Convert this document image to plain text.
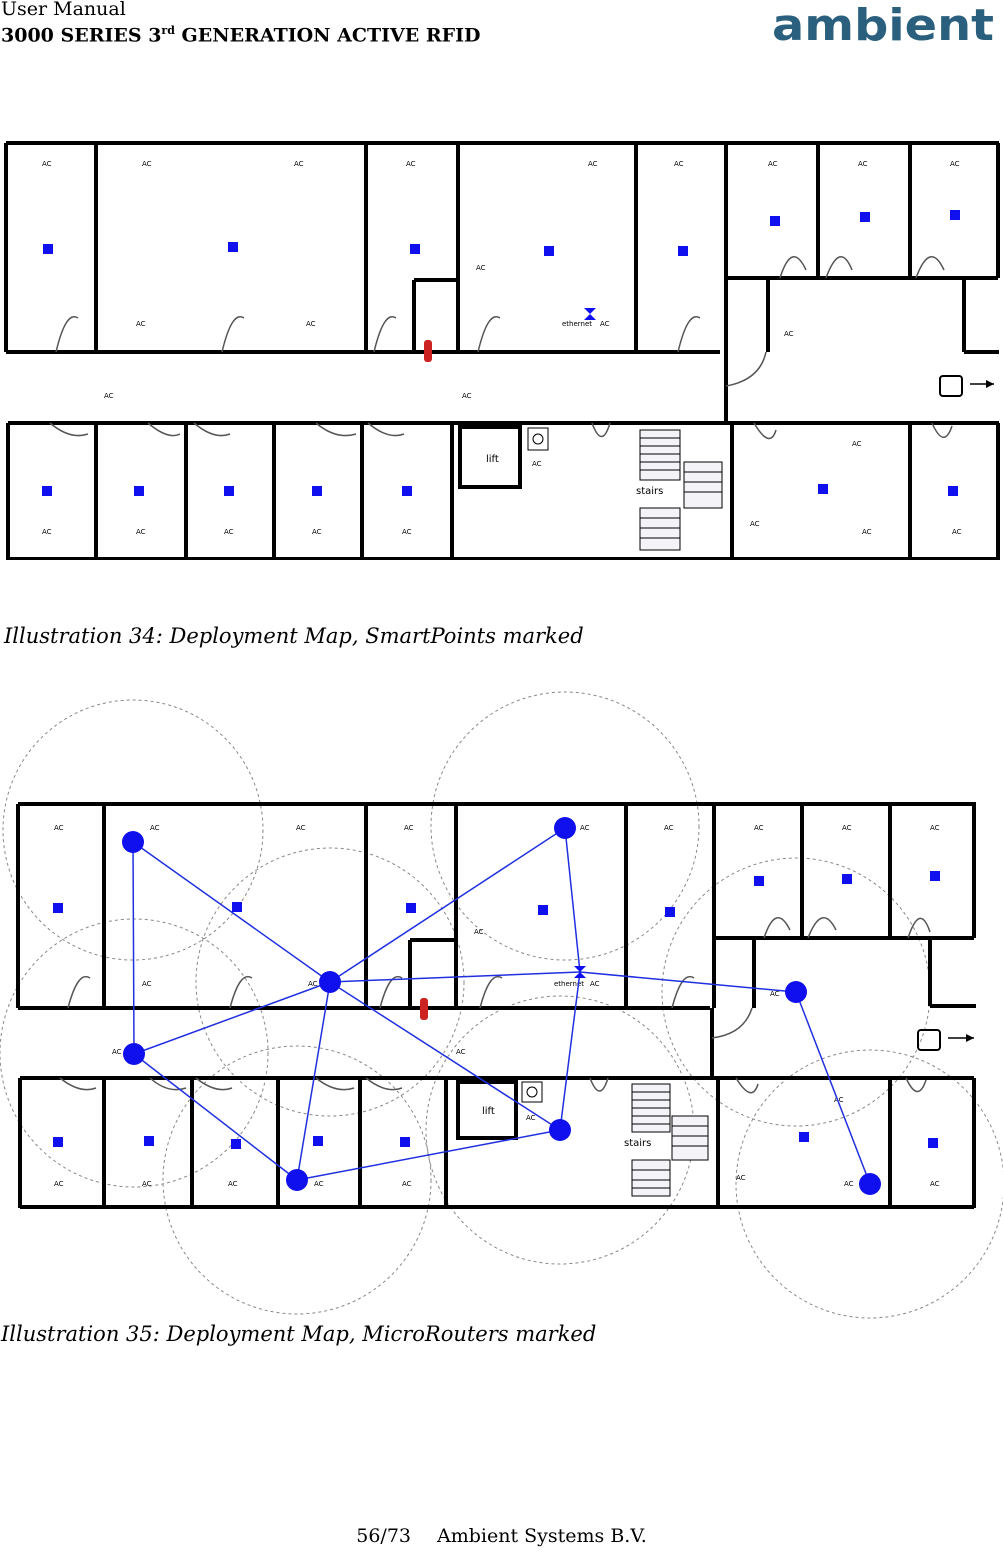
User Manual
3000 SERIES 3rd GENERATION ACTIVE RFID	ambient
stairs
lift
AC	AC	AC	AC	AC	AC	AC	AC	AC
AC	AC
AC
AC
AC
AC	AC
AC
AC
AC	AC	AC	AC	AC
AC
AC	AC
ethernet
Illustration 34: Deployment Map, SmartPoints marked
stairs
lift
AC	AC	AC	AC	AC	AC	AC	AC	AC
AC	AC
AC
AC
AC
AC	AC
AC
AC
AC	AC	AC	AC	AC
AC
AC	AC
ethernet
Illustration 35: Deployment Map, MicroRouters marked
56/73 Ambient Systems B.V.
